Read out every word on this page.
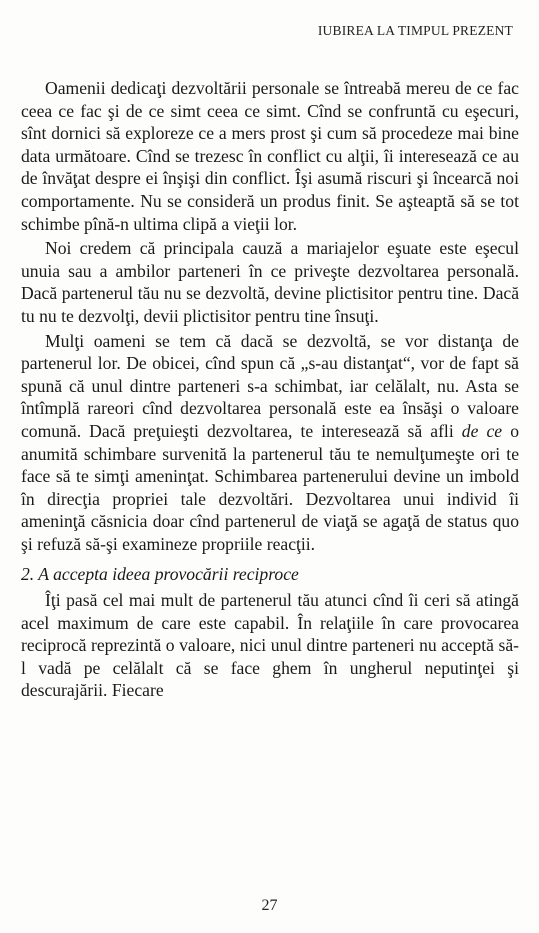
IUBIREA LA TIMPUL PREZENT

Oamenii dedicaţi dezvoltării personale se întreabă mereu de ce fac ceea ce fac şi de ce simt ceea ce simt. Cînd se confruntă cu eşecuri, sînt dornici să exploreze ce a mers prost şi cum să procedeze mai bine data următoare. Cînd se trezesc în conflict cu alţii, îi interesează ce au de învăţat despre ei înşişi din conflict. Îşi asumă riscuri şi încearcă noi comportamente. Nu se consideră un produs finit. Se aşteaptă să se tot schimbe pînă-n ultima clipă a vieţii lor.

Noi credem că principala cauză a mariajelor eşuate este eşecul unuia sau a ambilor parteneri în ce priveşte dezvoltarea personală. Dacă partenerul tău nu se dezvoltă, devine plictisitor pentru tine. Dacă tu nu te dezvolţi, devii plictisitor pentru tine însuţi.

Mulţi oameni se tem că dacă se dezvoltă, se vor distanţa de partenerul lor. De obicei, cînd spun că „s-au distanţat“, vor de fapt să spună că unul dintre parteneri s-a schimbat, iar celălalt, nu. Asta se întîmplă rareori cînd dezvoltarea personală este ea însăşi o valoare comună. Dacă preţuieşti dezvoltarea, te interesează să afli de ce o anumită schimbare survenită la partenerul tău te nemulţumeşte ori te face să te simţi ameninţat. Schimbarea partenerului devine un imbold în direcţia propriei tale dezvoltări. Dezvoltarea unui individ îi ameninţă căsnicia doar cînd partenerul de viaţă se agaţă de status quo şi refuză să-şi examineze propriile reacţii.

2. A accepta ideea provocării reciproce

Îţi pasă cel mai mult de partenerul tău atunci cînd îi ceri să atingă acel maximum de care este capabil. În relaţiile în care provocarea reciprocă reprezintă o valoare, nici unul dintre parteneri nu acceptă să-l vadă pe celălalt că se face ghem în ungherul neputinţei şi descurajării. Fiecare

27
